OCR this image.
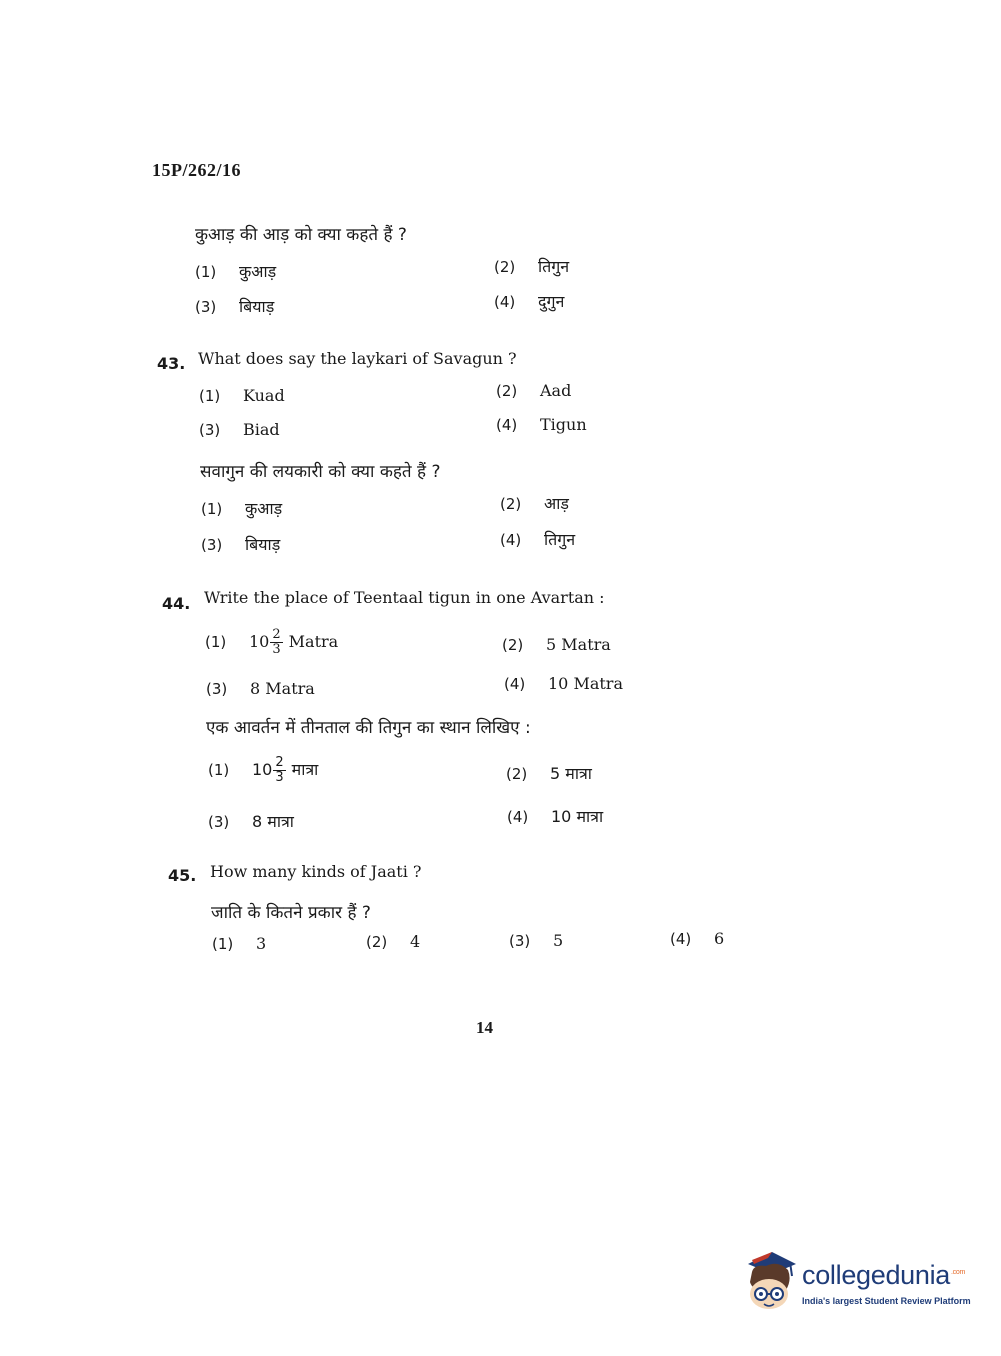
15P/262/16
कुआड़ की आड़ को क्या कहते हैं ?
(1) कुआड़	(2) तिगुन
(3) बियाड़	(4) दुगुन
43. What does say the laykari of Savagun ?
(1) Kuad	(2) Aad
(3) Biad	(4) Tigun
सवागुन की लयकारी को क्या कहते हैं ?
(1) कुआड़	(2) आड़
(3) बियाड़	(4) तिगुन
44. Write the place of Teentaal tigun in one Avartan :
(1) $10 \frac{2}{3}$ Matra	(2) 5 Matra
(3) 8 Matra	(4) 10 Matra
एक आवर्तन में तीनताल की तिगुन का स्थान लिखिए :
(1) $10 \frac{2}{3}$ मात्रा	(2) 5 मात्रा
(3) 8 मात्रा	(4) 10 मात्रा
45. How many kinds of Jaati ?
जाति के कितने प्रकार हैं ?
(1) 3	(2) 4	(3) 5	(4) 6
14
collegedunia$^{.com}$
India's largest Student Review Platform
